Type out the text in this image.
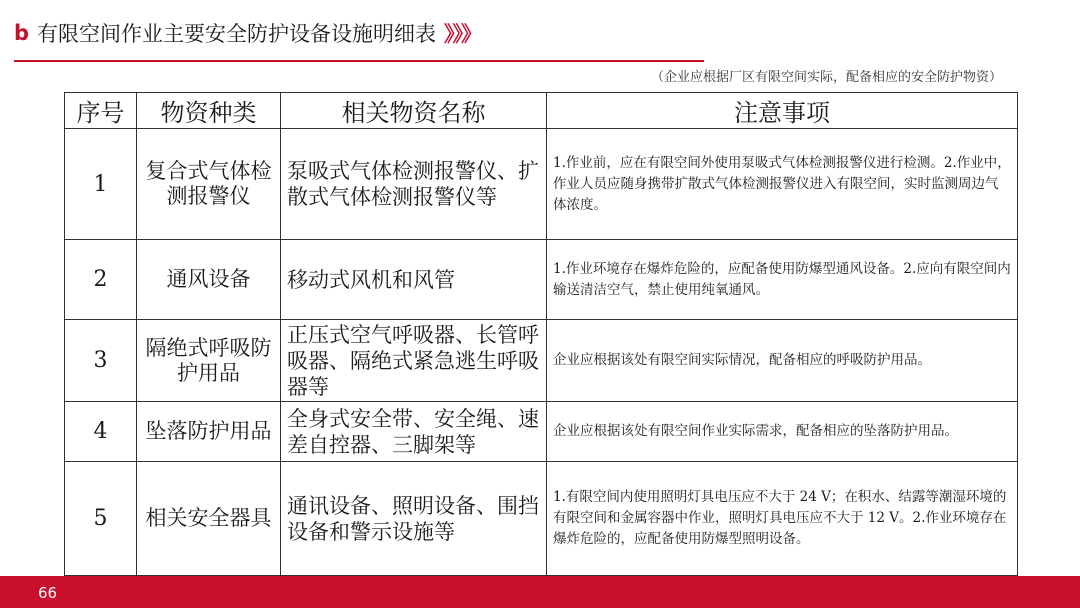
b 有限空间作业主要安全防护设备设施明细表 》》》
（企业应根据厂区有限空间实际，配备相应的安全防护物资）
序号	物资种类	相关物资名称	注意事项
1	复合式气体检测报警仪	泵吸式气体检测报警仪、扩散式气体检测报警仪等	1.作业前，应在有限空间外使用泵吸式气体检测报警仪进行检测。2.作业中，作业人员应随身携带扩散式气体检测报警仪进入有限空间，实时监测周边气体浓度。
2	通风设备	移动式风机和风管	1.作业环境存在爆炸危险的，应配备使用防爆型通风设备。2.应向有限空间内输送清洁空气，禁止使用纯氧通风。
3	隔绝式呼吸防护用品	正压式空气呼吸器、长管呼吸器、隔绝式紧急逃生呼吸器等	企业应根据该处有限空间实际情况，配备相应的呼吸防护用品。
4	坠落防护用品	全身式安全带、安全绳、速差自控器、三脚架等	企业应根据该处有限空间作业实际需求，配备相应的坠落防护用品。
5	相关安全器具	通讯设备、照明设备、围挡设备和警示设施等	1.有限空间内使用照明灯具电压应不大于 24 V；在积水、结露等潮湿环境的有限空间和金属容器中作业，照明灯具电压应不大于 12 V。2.作业环境存在爆炸危险的，应配备使用防爆型照明设备。
66
